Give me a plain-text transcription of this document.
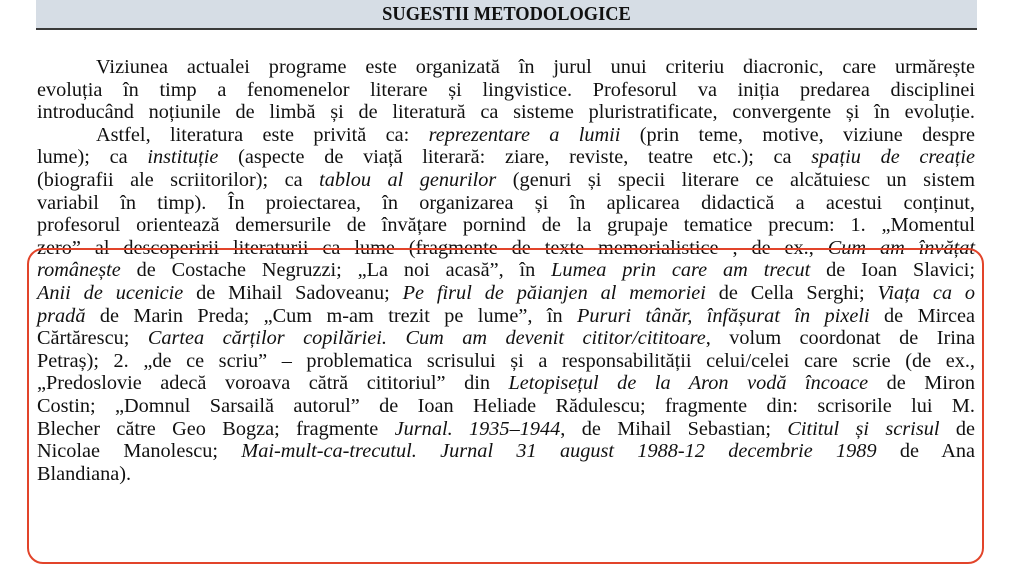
SUGESTII METODOLOGICE
Viziunea actualei programe este organizată în jurul unui criteriu diacronic, care urmărește
evoluția în timp a fenomenelor literare și lingvistice. Profesorul va iniția predarea disciplinei
introducând noțiunile de limbă și de literatură ca sisteme pluristratificate, convergente și în evoluție.
Astfel, literatura este privită ca: reprezentare a lumii (prin teme, motive, viziune despre
lume); ca instituție (aspecte de viață literară: ziare, reviste, teatre etc.); ca spațiu de creație
(biografii ale scriitorilor); ca tablou al genurilor (genuri și specii literare ce alcătuiesc un sistem
variabil în timp). În proiectarea, în organizarea și în aplicarea didactică a acestui conținut,
profesorul orientează demersurile de învățare pornind de la grupaje tematice precum: 1. „Momentul
zero” al descoperirii literaturii ca lume (fragmente de texte memorialistice , de ex., Cum am învățat
românește de Costache Negruzzi; „La noi acasă”, în Lumea prin care am trecut de Ioan Slavici;
Anii de ucenicie de Mihail Sadoveanu; Pe firul de păianjen al memoriei de Cella Serghi; Viața ca o
pradă de Marin Preda; „Cum m-am trezit pe lume”, în Pururi tânăr, înfășurat în pixeli de Mircea
Cărtărescu; Cartea cărților copilăriei. Cum am devenit cititor/cititoare, volum coordonat de Irina
Petraș); 2. „de ce scriu” – problematica scrisului și a responsabilității celui/celei care scrie (de ex.,
„Predoslovie adecă voroava cătră cititoriul” din Letopisețul de la Aron vodă încoace de Miron
Costin; „Domnul Sarsailă autorul” de Ioan Heliade Rădulescu; fragmente din: scrisorile lui M.
Blecher către Geo Bogza; fragmente Jurnal. 1935–1944, de Mihail Sebastian; Cititul și scrisul de
Nicolae Manolescu; Mai-mult-ca-trecutul. Jurnal 31 august 1988-12 decembrie 1989 de Ana
Blandiana).
